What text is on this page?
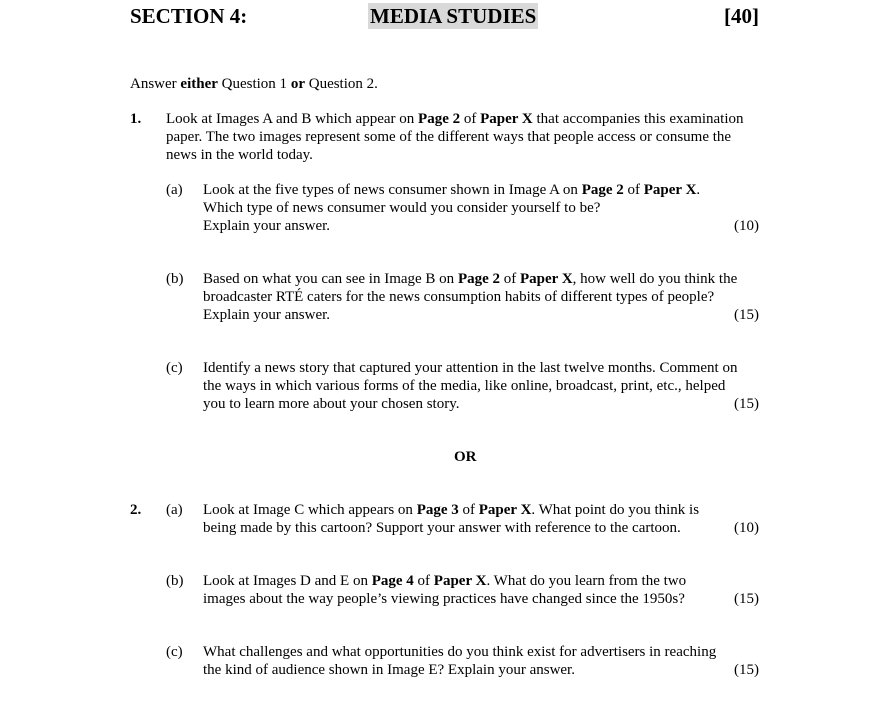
SECTION 4:	MEDIA STUDIES	[40]
Answer either Question 1 or Question 2.
1. Look at Images A and B which appear on Page 2 of Paper X that accompanies this examination
paper. The two images represent some of the different ways that people access or consume the
news in the world today.
(a) Look at the five types of news consumer shown in Image A on Page 2 of Paper X.
Which type of news consumer would you consider yourself to be?
Explain your answer.	(10)
(b) Based on what you can see in Image B on Page 2 of Paper X, how well do you think the
broadcaster RTÉ caters for the news consumption habits of different types of people?
Explain your answer.	(15)
(c) Identify a news story that captured your attention in the last twelve months. Comment on
the ways in which various forms of the media, like online, broadcast, print, etc., helped
you to learn more about your chosen story.	(15)
OR
2. (a) Look at Image C which appears on Page 3 of Paper X. What point do you think is
being made by this cartoon? Support your answer with reference to the cartoon.	(10)
(b) Look at Images D and E on Page 4 of Paper X. What do you learn from the two
images about the way people’s viewing practices have changed since the 1950s?	(15)
(c) What challenges and what opportunities do you think exist for advertisers in reaching
the kind of audience shown in Image E? Explain your answer.	(15)
